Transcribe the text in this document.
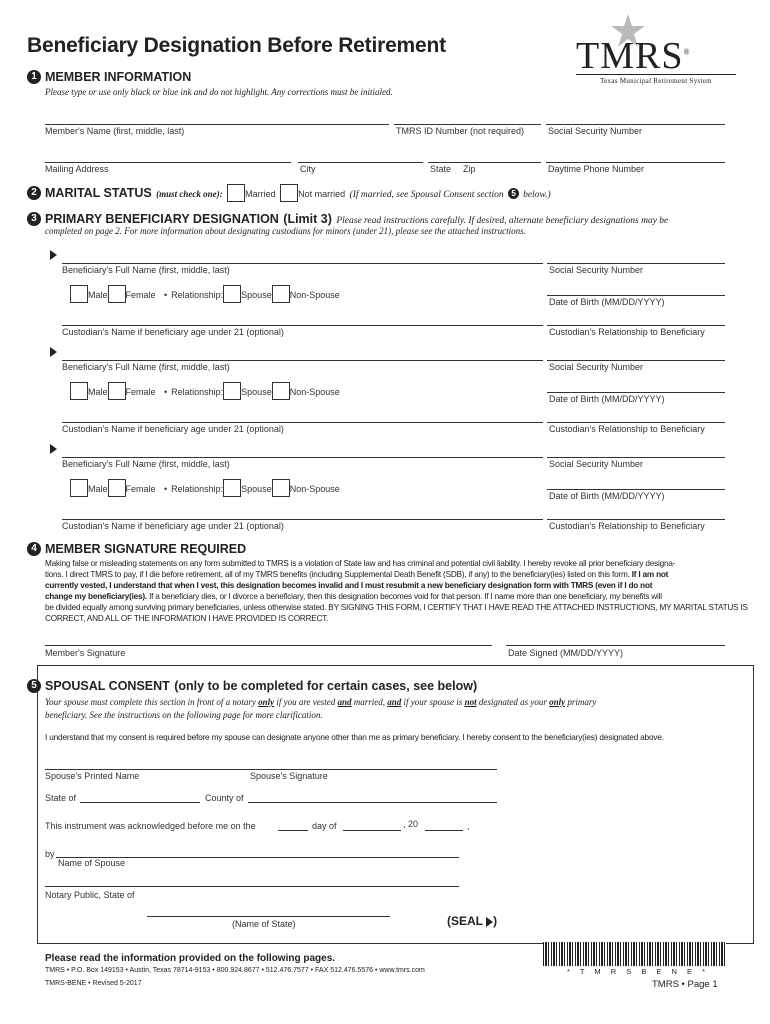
Beneficiary Designation Before Retirement	TMRS®
Texas Municipal Retirement System
1 MEMBER INFORMATION
Please type or use only black or blue ink and do not highlight. Any corrections must be initialed.
Member's Name (first, middle, last)	TMRS ID Number (not required)	Social Security Number
Mailing Address	City	State Zip	Daytime Phone Number
2 MARITAL STATUS (must check one): Married Not married (If married, see Spousal Consent section 5 below.)
3 PRIMARY BENEFICIARY DESIGNATION (Limit 3) Please read instructions carefully. If desired, alternate beneficiary designations may be
completed on page 2. For more information about designating custodians for minors (under 21), please see the attached instructions.
Beneficiary's Full Name (first, middle, last)	Social Security Number
Male Female • Relationship: Spouse Non-Spouse
Date of Birth (MM/DD/YYYY)
Custodian's Name if beneficiary age under 21 (optional)	Custodian's Relationship to Beneficiary
Beneficiary's Full Name (first, middle, last)	Social Security Number
Male Female • Relationship: Spouse Non-Spouse
Date of Birth (MM/DD/YYYY)
Custodian's Name if beneficiary age under 21 (optional)	Custodian's Relationship to Beneficiary
Beneficiary's Full Name (first, middle, last)	Social Security Number
Male Female • Relationship: Spouse Non-Spouse
Date of Birth (MM/DD/YYYY)
Custodian's Name if beneficiary age under 21 (optional)	Custodian's Relationship to Beneficiary
4 MEMBER SIGNATURE REQUIRED
Making false or misleading statements on any form submitted to TMRS is a violation of State law and has criminal and potential civil liability. I hereby revoke all prior beneficiary designa-
tions. I direct TMRS to pay, if I die before retirement, all of my TMRS benefits (including Supplemental Death Benefit (SDB), if any) to the beneficiary(ies) listed on this form. If I am not
currently vested, I understand that when I vest, this designation becomes invalid and I must resubmit a new beneficiary designation form with TMRS (even if I do not
change my beneficiary(ies). If a beneficiary dies, or I divorce a beneficiary, then this designation becomes void for that person. If I name more than one beneficiary, my benefits will
be divided equally among surviving primary beneficiaries, unless otherwise stated. BY SIGNING THIS FORM, I CERTIFY THAT I HAVE READ THE ATTACHED INSTRUCTIONS, MY MARITAL STATUS IS
CORRECT, AND ALL OF THE INFORMATION I HAVE PROVIDED IS CORRECT.
Member's Signature	Date Signed (MM/DD/YYYY)
5 SPOUSAL CONSENT (only to be completed for certain cases, see below)
Your spouse must complete this section in front of a notary only if you are vested and married, and if your spouse is not designated as your only primary
beneficiary. See the instructions on the following page for more clarification.
I understand that my consent is required before my spouse can designate anyone other than me as primary beneficiary. I hereby consent to the beneficiary(ies) designated above.
Spouse's Printed Name	Spouse's Signature
State of	County of
This instrument was acknowledged before me on the	day of	, 20	,
by
Name of Spouse
Notary Public, State of
(Name of State)	(SEAL )
Please read the information provided on the following pages.
TMRS • P.O. Box 149153 • Austin, Texas 78714-9153 • 800.924.8677 • 512.476.7577 • FAX 512.476.5576 • www.tmrs.com
TMRS-BENE • Revised 5-2017
* T M R S B E N E *
TMRS • Page 1
